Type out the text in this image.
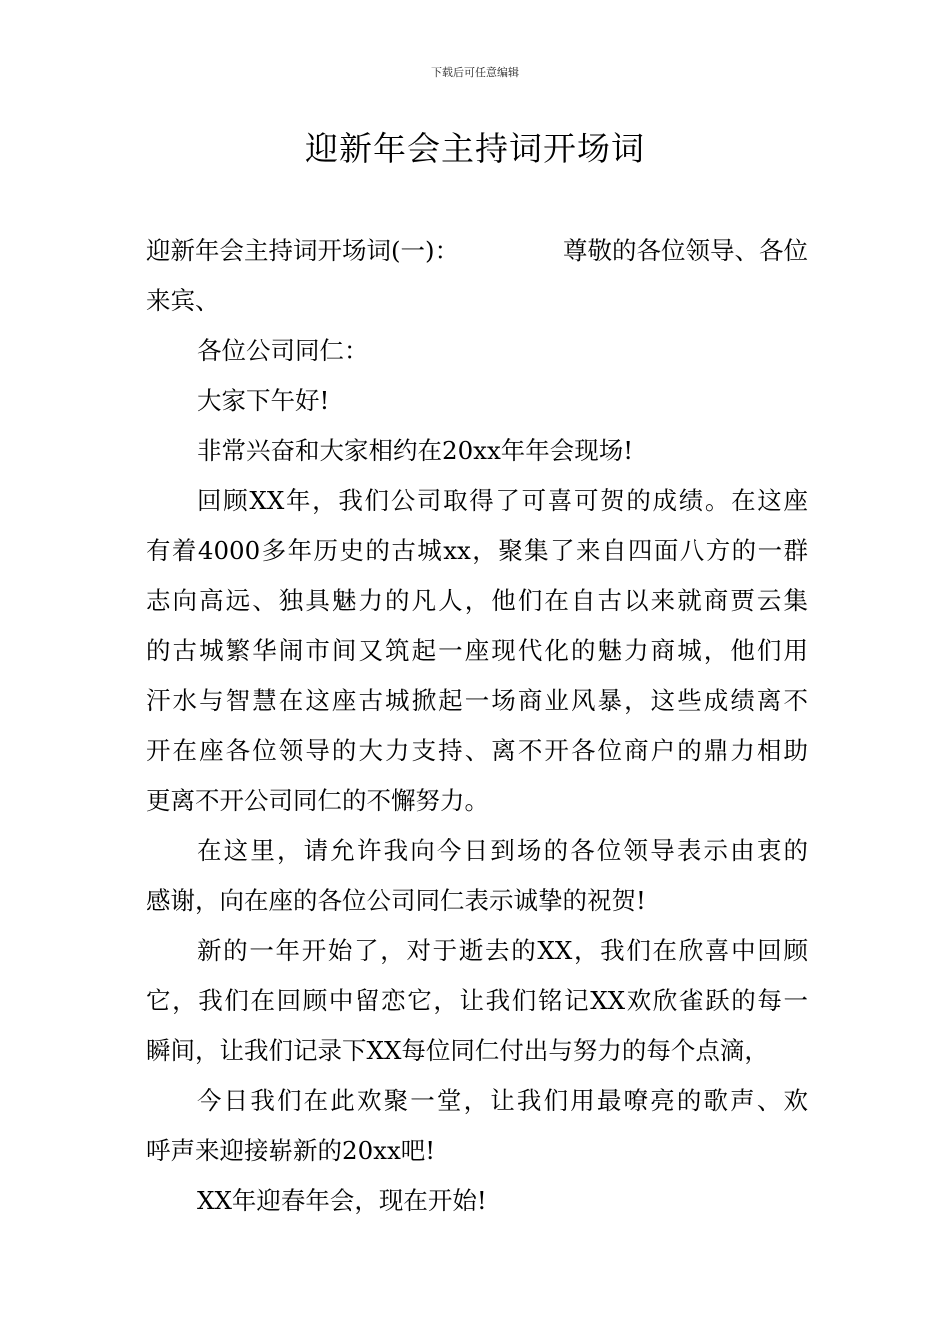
下载后可任意编辑
迎新年会主持词开场词
迎新年会主持词开场词(一)：	尊敬的各位领导、各位
来宾、
各位公司同仁：
大家下午好!
非常兴奋和大家相约在20xx年年会现场!
回顾XX年，我们公司取得了可喜可贺的成绩。在这座
有着4000多年历史的古城xx，聚集了来自四面八方的一群
志向高远、独具魅力的凡人，他们在自古以来就商贾云集
的古城繁华闹市间又筑起一座现代化的魅力商城，他们用
汗水与智慧在这座古城掀起一场商业风暴，这些成绩离不
开在座各位领导的大力支持、离不开各位商户的鼎力相助
更离不开公司同仁的不懈努力。
在这里，请允许我向今日到场的各位领导表示由衷的
感谢，向在座的各位公司同仁表示诚挚的祝贺!
新的一年开始了，对于逝去的XX，我们在欣喜中回顾
它，我们在回顾中留恋它，让我们铭记XX欢欣雀跃的每一
瞬间，让我们记录下XX每位同仁付出与努力的每个点滴，
今日我们在此欢聚一堂，让我们用最嘹亮的歌声、欢
呼声来迎接崭新的20xx吧!
XX年迎春年会，现在开始!
